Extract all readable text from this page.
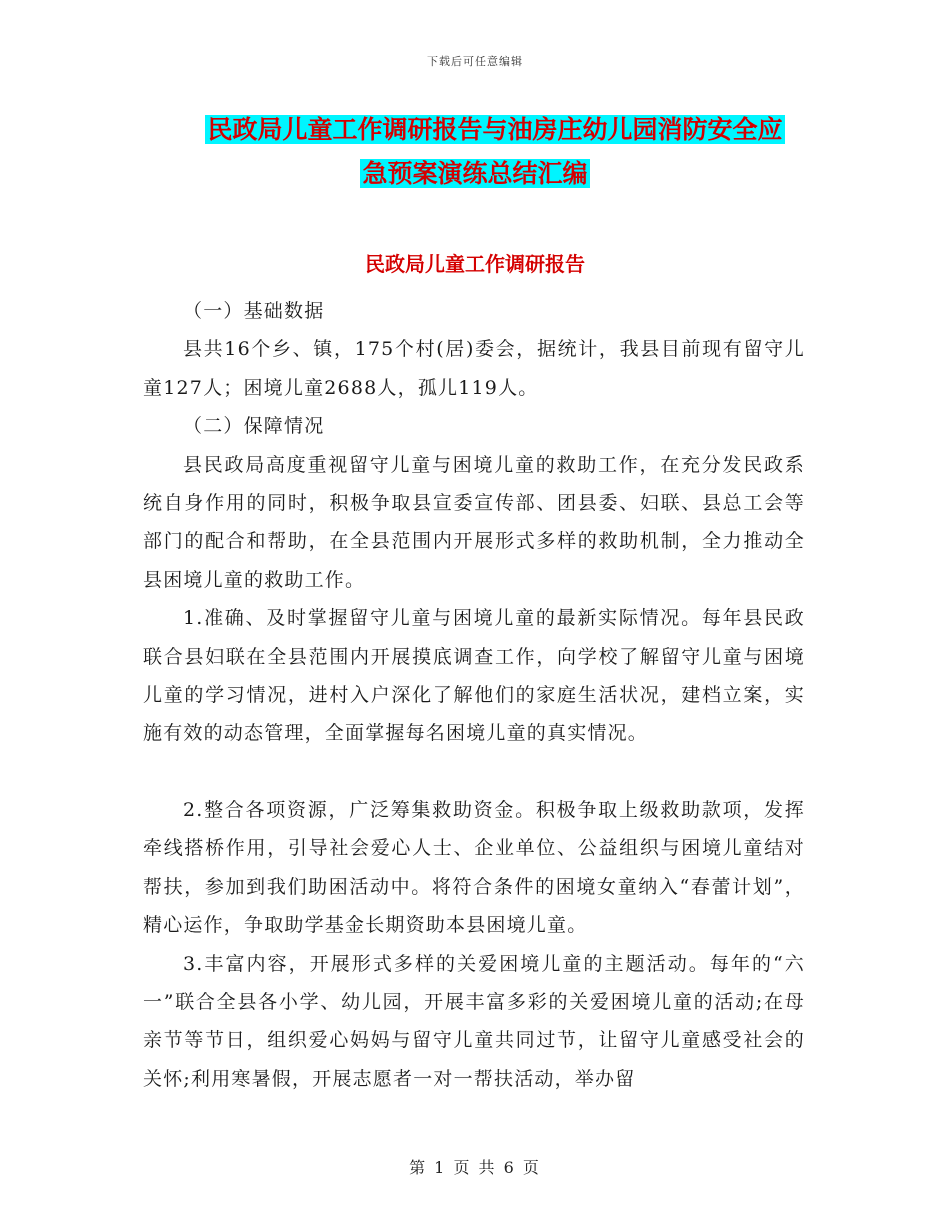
下载后可任意编辑
民政局儿童工作调研报告与油房庄幼儿园消防安全应
急预案演练总结汇编
民政局儿童工作调研报告

（一）基础数据

县共16个乡、镇，175个村(居)委会，据统计，我县目前现有留守儿童127人；困境儿童2688人，孤儿119人。

（二）保障情况

县民政局高度重视留守儿童与困境儿童的救助工作，在充分发民政系统自身作用的同时，积极争取县宣委宣传部、团县委、妇联、县总工会等部门的配合和帮助，在全县范围内开展形式多样的救助机制，全力推动全县困境儿童的救助工作。

1.准确、及时掌握留守儿童与困境儿童的最新实际情况。每年县民政联合县妇联在全县范围内开展摸底调查工作，向学校了解留守儿童与困境儿童的学习情况，进村入户深化了解他们的家庭生活状况，建档立案，实施有效的动态管理，全面掌握每名困境儿童的真实情况。

2.整合各项资源，广泛筹集救助资金。积极争取上级救助款项，发挥牵线搭桥作用，引导社会爱心人士、企业单位、公益组织与困境儿童结对帮扶，参加到我们助困活动中。将符合条件的困境女童纳入“春蕾计划”，精心运作，争取助学基金长期资助本县困境儿童。

3.丰富内容，开展形式多样的关爱困境儿童的主题活动。每年的“六一”联合全县各小学、幼儿园，开展丰富多彩的关爱困境儿童的活动;在母亲节等节日，组织爱心妈妈与留守儿童共同过节，让留守儿童感受社会的关怀;利用寒暑假，开展志愿者一对一帮扶活动，举办留

第 1 页 共 6 页
